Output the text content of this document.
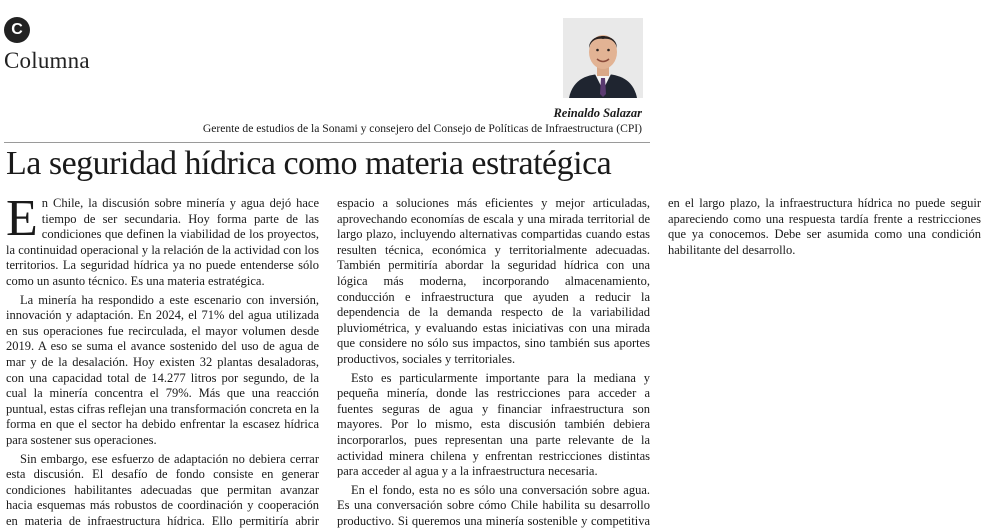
C
Columna
Reinaldo Salazar
Gerente de estudios de la Sonami y consejero del Consejo de Políticas de Infraestructura (CPI)
La seguridad hídrica como materia estratégica

En Chile, la discusión sobre minería y agua dejó hace tiempo de ser secundaria. Hoy forma parte de las condiciones que definen la viabilidad de los proyectos, la continuidad operacional y la relación de la actividad con los territorios. La seguridad hídrica ya no puede entenderse sólo como un asunto técnico. Es una materia estratégica.

La minería ha respondido a este escenario con inversión, innovación y adaptación. En 2024, el 71% del agua utilizada en sus operaciones fue recirculada, el mayor volumen desde 2019. A eso se suma el avance sostenido del uso de agua de mar y de la desalación. Hoy existen 32 plantas desaladoras, con una capacidad total de 14.277 litros por segundo, de la cual la minería concentra el 79%. Más que una reacción puntual, estas cifras reflejan una transformación concreta en la forma en que el sector ha debido enfrentar la escasez hídrica para sostener sus operaciones.

Sin embargo, ese esfuerzo de adaptación no debiera cerrar esta discusión. El desafío de fondo consiste en generar condiciones habilitantes adecuadas que permitan avanzar hacia esquemas más robustos de coordinación y cooperación en materia de infraestructura hídrica. Ello permitiría abrir espacio a soluciones más eficientes y mejor articuladas, aprovechando economías de escala y una mirada territorial de largo plazo, incluyendo alternativas compartidas cuando estas resulten técnica, económica y territorialmente adecuadas. También permitiría abordar la seguridad hídrica con una lógica más moderna, incorporando almacenamiento, conducción e infraestructura que ayuden a reducir la dependencia de la demanda respecto de la variabilidad pluviométrica, y evaluando estas iniciativas con una mirada que considere no sólo sus impactos, sino también sus aportes productivos, sociales y territoriales.

Esto es particularmente importante para la mediana y pequeña minería, donde las restricciones para acceder a fuentes seguras de agua y financiar infraestructura son mayores. Por lo mismo, esta discusión también debiera incorporarlos, pues representan una parte relevante de la actividad minera chilena y enfrentan restricciones distintas para acceder al agua y a la infraestructura necesaria.

En el fondo, esta no es sólo una conversación sobre agua. Es una conversación sobre cómo Chile habilita su desarrollo productivo. Si queremos una minería sostenible y competitiva en el largo plazo, la infraestructura hídrica no puede seguir apareciendo como una respuesta tardía frente a restricciones que ya conocemos. Debe ser asumida como una condición habilitante del desarrollo.
